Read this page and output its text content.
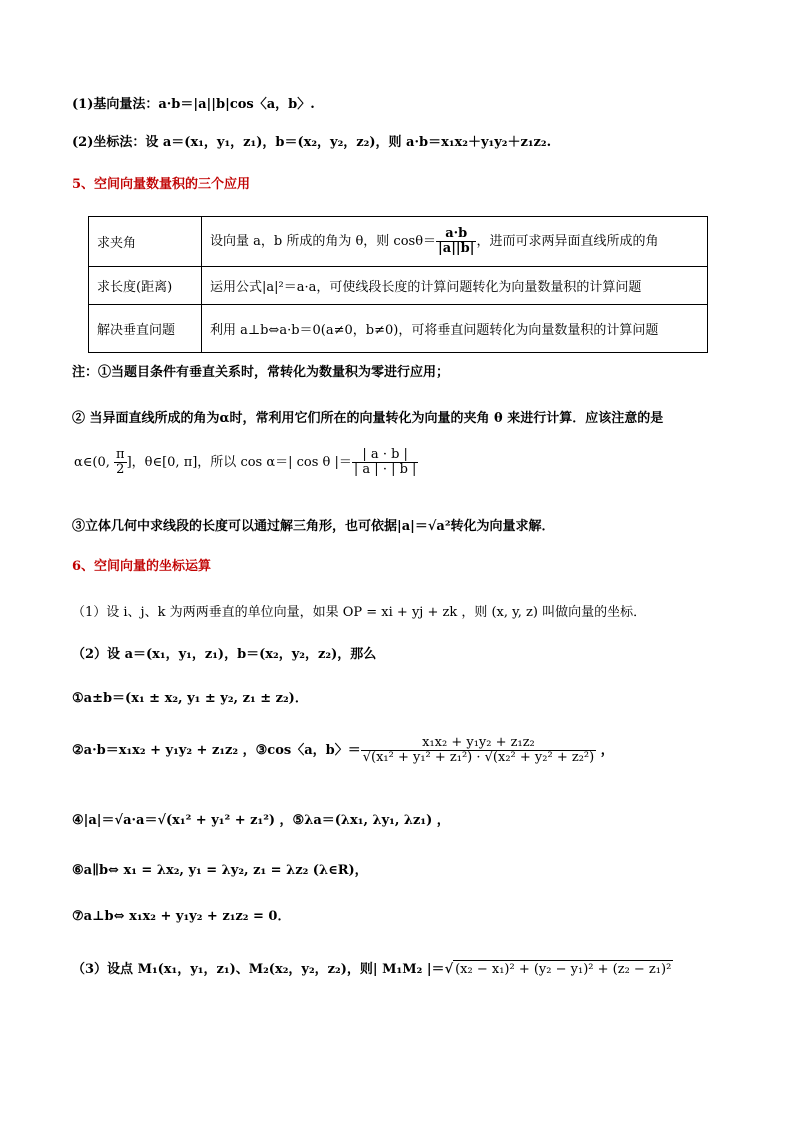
(1)基向量法：a·b＝|a||b|cos〈a，b〉.
(2)坐标法：设 a＝(x₁，y₁，z₁)，b＝(x₂，y₂，z₂)，则 a·b＝x₁x₂＋y₁y₂＋z₁z₂.
5、空间向量数量积的三个应用
求夹角	设向量 a，b 所成的角为 θ，则 $\cos\theta= \frac{a\cdot b}{|a||b|}$ ，进而可求两异面直线所成的角
求长度(距离)	运用公式|a|²＝a·a，可使线段长度的计算问题转化为向量数量积的计算问题
解决垂直问题	利用 a⊥b⇔a·b＝0(a≠0，b≠0)，可将垂直问题转化为向量数量积的计算问题
注：①当题目条件有垂直关系时，常转化为数量积为零进行应用；
② 当异面直线所成的角为α时，常利用它们所在的向量转化为向量的夹角 θ 来进行计算．应该注意的是
α∈(0, $\frac{\pi}{2}$ ]，θ∈[0, π]，所以 cos α＝| cos θ |＝ $\frac{| a \cdot b |}{| a | \cdot | b |}$
③立体几何中求线段的长度可以通过解三角形，也可依据|a|＝√a²转化为向量求解．
6、空间向量的坐标运算
（1）设 i、j、k 为两两垂直的单位向量，如果 OP = xi + yj + zk ，则 (x, y, z) 叫做向量的坐标．
（2）设 a＝(x₁，y₁，z₁)，b＝(x₂，y₂，z₂)，那么
①a±b＝(x₁ ± x₂, y₁ ± y₂, z₁ ± z₂)．
②a·b＝x₁x₂ + y₁y₂ + z₁z₂ ，③cos〈a，b〉＝ $\frac{\text{x₁x₂ + y₁y₂ + z₁z₂}}{\text{√(x₁² + y₁² + z₁²) · √(x₂² + y₂² + z₂²)}}$ ，
④|a|＝√a·a＝√(x₁² + y₁² + z₁²) ，⑤λa＝(λx₁, λy₁, λz₁) ，
⑥a∥b⇔ x₁ = λx₂, y₁ = λy₂, z₁ = λz₂ (λ∈R)，
⑦a⊥b⇔ x₁x₂ + y₁y₂ + z₁z₂ = 0．
（3）设点 M₁(x₁，y₁，z₁)、M₂(x₂，y₂，z₂)，则| M₁M₂ |＝√ (x₂ − x₁)² + (y₂ − y₁)² + (z₂ − z₁)²
